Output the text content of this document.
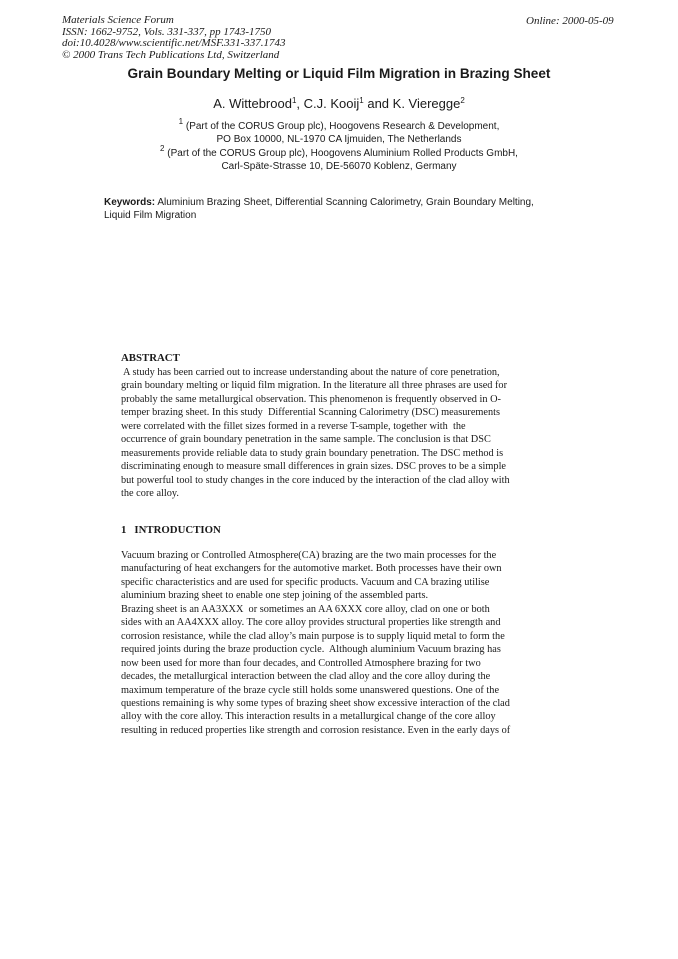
Materials Science Forum
ISSN: 1662-9752, Vols. 331-337, pp 1743-1750
doi:10.4028/www.scientific.net/MSF.331-337.1743
© 2000 Trans Tech Publications Ltd, Switzerland
Online: 2000-05-09
Grain Boundary Melting or Liquid Film Migration in Brazing Sheet
A. Wittebrood$^1$, C.J. Kooij$^1$ and K. Vieregge$^2$
$^1$ (Part of the CORUS Group plc), Hoogovens Research & Development,
PO Box 10000, NL-1970 CA Ijmuiden, The Netherlands
$^2$ (Part of the CORUS Group plc), Hoogovens Aluminium Rolled Products GmbH,
Carl-Späte-Strasse 10, DE-56070 Koblenz, Germany
Keywords: Aluminium Brazing Sheet, Differential Scanning Calorimetry, Grain Boundary Melting,
Liquid Film Migration
ABSTRACT
A study has been carried out to increase understanding about the nature of core penetration,
grain boundary melting or liquid film migration. In the literature all three phrases are used for
probably the same metallurgical observation. This phenomenon is frequently observed in O-
temper brazing sheet. In this study  Differential Scanning Calorimetry (DSC) measurements
were correlated with the fillet sizes formed in a reverse T-sample, together with  the
occurrence of grain boundary penetration in the same sample. The conclusion is that DSC
measurements provide reliable data to study grain boundary penetration. The DSC method is
discriminating enough to measure small differences in grain sizes. DSC proves to be a simple
but powerful tool to study changes in the core induced by the interaction of the clad alloy with
the core alloy.
1 INTRODUCTION
Vacuum brazing or Controlled Atmosphere(CA) brazing are the two main processes for the
manufacturing of heat exchangers for the automotive market. Both processes have their own
specific characteristics and are used for specific products. Vacuum and CA brazing utilise
aluminium brazing sheet to enable one step joining of the assembled parts.
Brazing sheet is an AA3XXX  or sometimes an AA 6XXX core alloy, clad on one or both
sides with an AA4XXX alloy. The core alloy provides structural properties like strength and
corrosion resistance, while the clad alloy’s main purpose is to supply liquid metal to form the
required joints during the braze production cycle.  Although aluminium Vacuum brazing has
now been used for more than four decades, and Controlled Atmosphere brazing for two
decades, the metallurgical interaction between the clad alloy and the core alloy during the
maximum temperature of the braze cycle still holds some unanswered questions. One of the
questions remaining is why some types of brazing sheet show excessive interaction of the clad
alloy with the core alloy. This interaction results in a metallurgical change of the core alloy
resulting in reduced properties like strength and corrosion resistance. Even in the early days of
